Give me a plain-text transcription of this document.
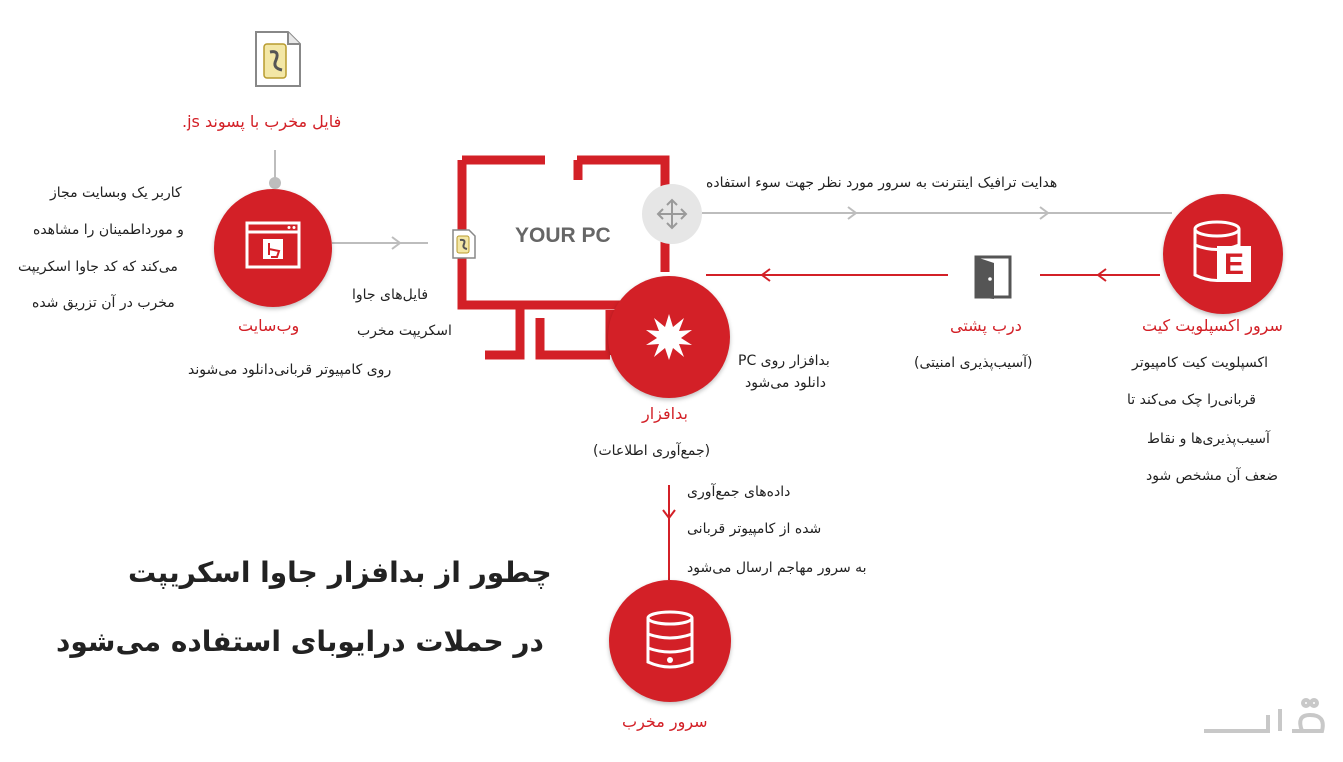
فایل مخرب با پسوند js.
وب‌سایت
کاربر یک وبسایت مجاز
و مورداطمینان را مشاهده
می‌کند که کد جاوا اسکریپت
مخرب در آن تزریق شده	فایل‌های جاوا
اسکریپت مخرب
روی کامپیوتر قربانی‌دانلود می‌شوند
YOUR PC
هدایت ترافیک اینترنت به سرور مورد نظر جهت سوء استفاده
E
سرور اکسپلویت کیت
اکسپلویت کیت کامپیوتر
قربانی‌را چک می‌کند تا
آسیب‌پذیری‌ها و نقاط
ضعف آن مشخص شود
درب پشتی
(آسیب‌پذیری امنیتی)
بدافزار
(جمع‌آوری اطلاعات)
بدافزار روی PC
دانلود می‌شود
داده‌های جمع‌آوری
شده از کامپیوتر قربانی
به سرور مهاجم ارسال می‌شود
سرور مخرب
چطور از بدافزار جاوا اسکریپت
در حملات درایوبای استفاده می‌شود
